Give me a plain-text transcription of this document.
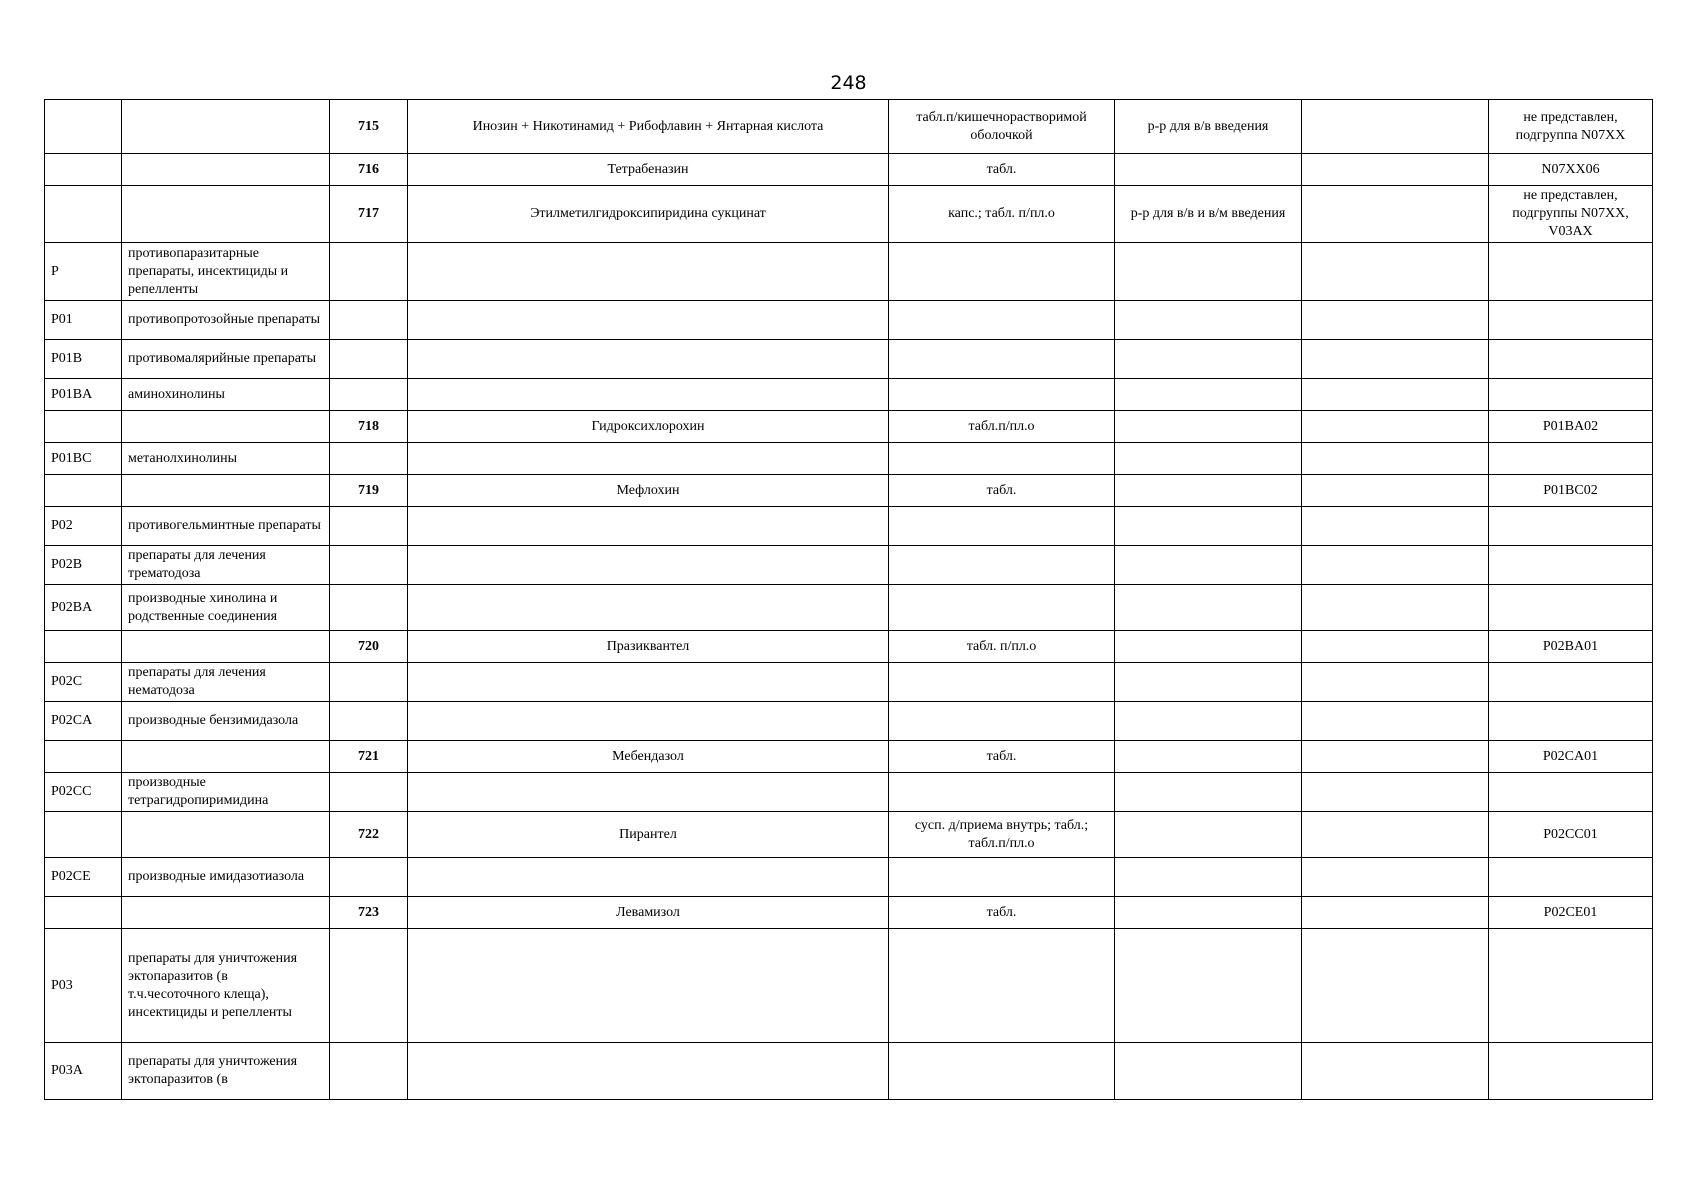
248
		715	Инозин + Никотинамид + Рибофлавин + Янтарная кислота	табл.п/кишечнорастворимой оболочкой	р-р для в/в введения		не представлен, подгруппа N07XX
		716	Тетрабеназин	табл.			N07XX06
		717	Этилметилгидроксипиридина сукцинат	капс.; табл. п/пл.о	р-р для в/в и в/м введения		не представлен, подгруппы N07XX, V03AX
P	противопаразитарные препараты, инсектициды и репелленты						
P01	противопротозойные препараты						
P01B	противомалярийные препараты						
P01BA	аминохинолины						
		718	Гидроксихлорохин	табл.п/пл.о			P01BA02
P01BC	метанолхинолины						
		719	Мефлохин	табл.			P01BC02
P02	противогельминтные препараты						
P02B	препараты для лечения трематодоза						
P02BA	производные хинолина и родственные соединения						
		720	Празиквантел	табл. п/пл.о			P02BA01
P02C	препараты для лечения нематодоза						
P02CA	производные бензимидазола						
		721	Мебендазол	табл.			P02CA01
P02CC	производные тетрагидропиримидина						
		722	Пирантел	сусп. д/приема внутрь; табл.; табл.п/пл.о			P02CC01
P02CE	производные имидазотиазола						
		723	Левамизол	табл.			P02CE01
P03	препараты для уничтожения эктопаразитов (в т.ч.чесоточного клеща), инсектициды и репелленты						
P03A	препараты для уничтожения эктопаразитов (в						
